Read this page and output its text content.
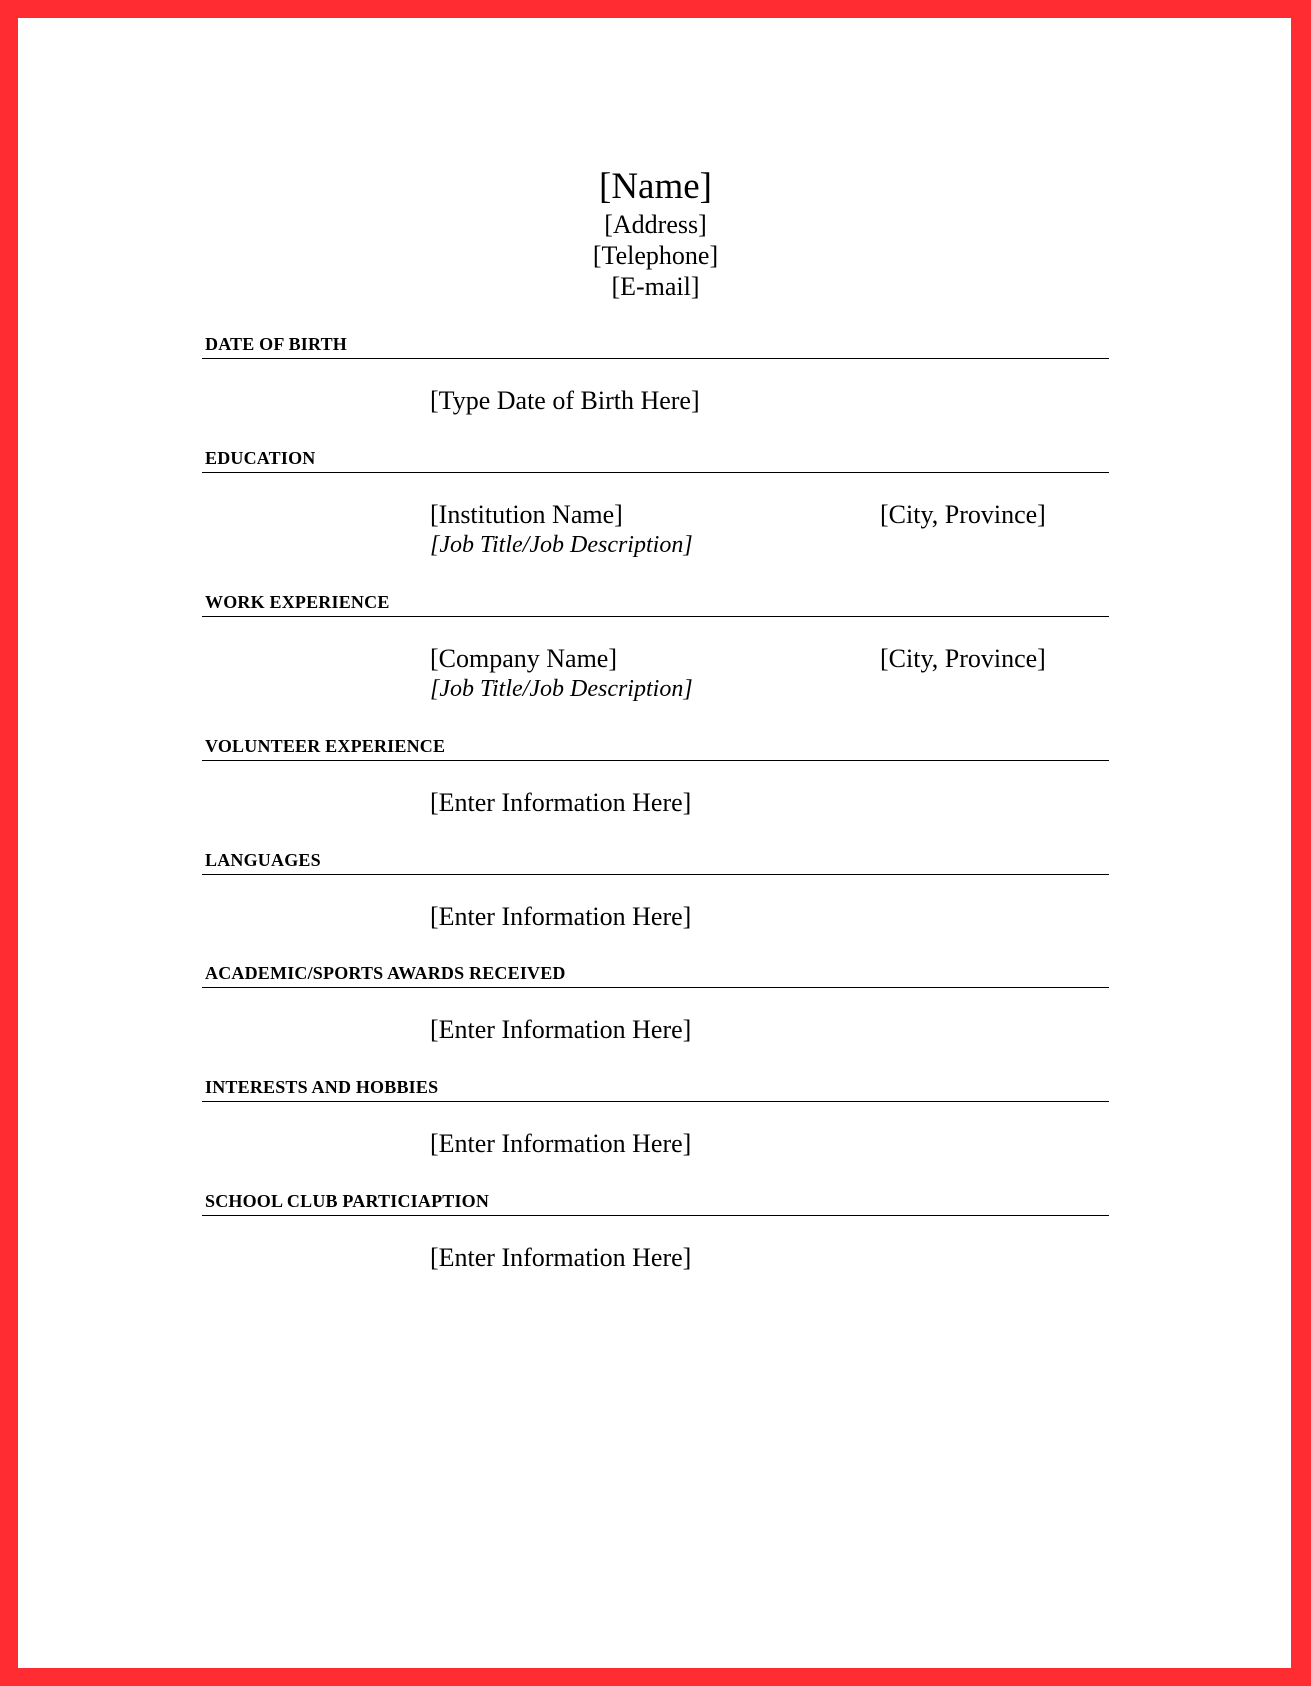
[Name]
[Address]
[Telephone]
[E-mail]
DATE OF BIRTH
[Type Date of Birth Here]
EDUCATION
[Institution Name]	[City, Province]
[Job Title/Job Description]
WORK EXPERIENCE
[Company Name]	[City, Province]
[Job Title/Job Description]
VOLUNTEER EXPERIENCE
[Enter Information Here]
LANGUAGES
[Enter Information Here]
ACADEMIC/SPORTS AWARDS RECEIVED
[Enter Information Here]
INTERESTS AND HOBBIES
[Enter Information Here]
SCHOOL CLUB PARTICIAPTION
[Enter Information Here]
